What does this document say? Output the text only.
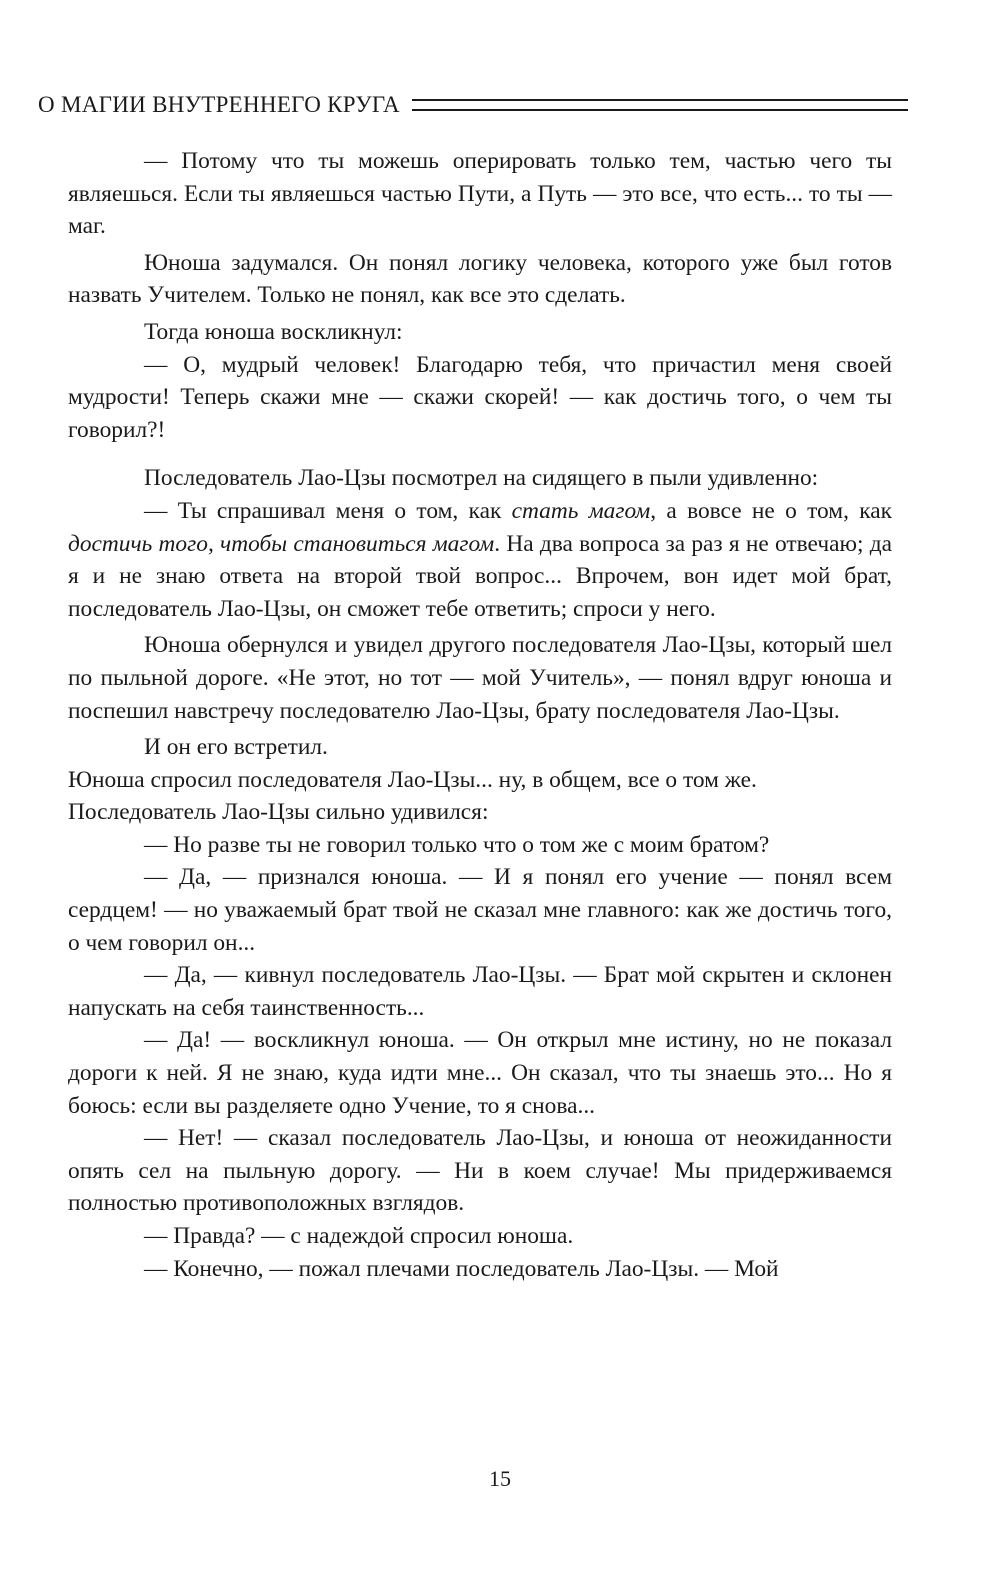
О МАГИИ ВНУТРЕННЕГО КРУГА

— Потому что ты можешь оперировать только тем, частью чего ты являешься. Если ты являешься частью Пути, а Путь — это все, что есть... то ты — маг.

Юноша задумался. Он понял логику человека, которого уже был готов назвать Учителем. Только не понял, как все это сделать.

Тогда юноша воскликнул:

— О, мудрый человек! Благодарю тебя, что причастил меня своей мудрости! Теперь скажи мне — скажи скорей! — как достичь того, о чем ты говорил?!

Последователь Лао-Цзы посмотрел на сидящего в пыли удивленно:

— Ты спрашивал меня о том, как стать магом, а вовсе не о том, как достичь того, чтобы становиться магом. На два вопроса за раз я не отвечаю; да я и не знаю ответа на второй твой вопрос... Впрочем, вон идет мой брат, последователь Лао-Цзы, он сможет тебе ответить; спроси у него.

Юноша обернулся и увидел другого последователя Лао-Цзы, который шел по пыльной дороге. «Не этот, но тот — мой Учитель», — понял вдруг юноша и поспешил навстречу последователю Лао-Цзы, брату последователя Лао-Цзы.

И он его встретил.

Юноша спросил последователя Лао-Цзы... ну, в общем, все о том же.

Последователь Лао-Цзы сильно удивился:

— Но разве ты не говорил только что о том же с моим братом?

— Да, — признался юноша. — И я понял его учение — понял всем сердцем! — но уважаемый брат твой не сказал мне главного: как же достичь того, о чем говорил он...

— Да, — кивнул последователь Лао-Цзы. — Брат мой скрытен и склонен напускать на себя таинственность...

— Да! — воскликнул юноша. — Он открыл мне истину, но не показал дороги к ней. Я не знаю, куда идти мне... Он сказал, что ты знаешь это... Но я боюсь: если вы разделяете одно Учение, то я снова...

— Нет! — сказал последователь Лао-Цзы, и юноша от неожиданности опять сел на пыльную дорогу. — Ни в коем случае! Мы придерживаемся полностью противоположных взглядов.

— Правда? — с надеждой спросил юноша.

— Конечно, — пожал плечами последователь Лао-Цзы. — Мой

15
